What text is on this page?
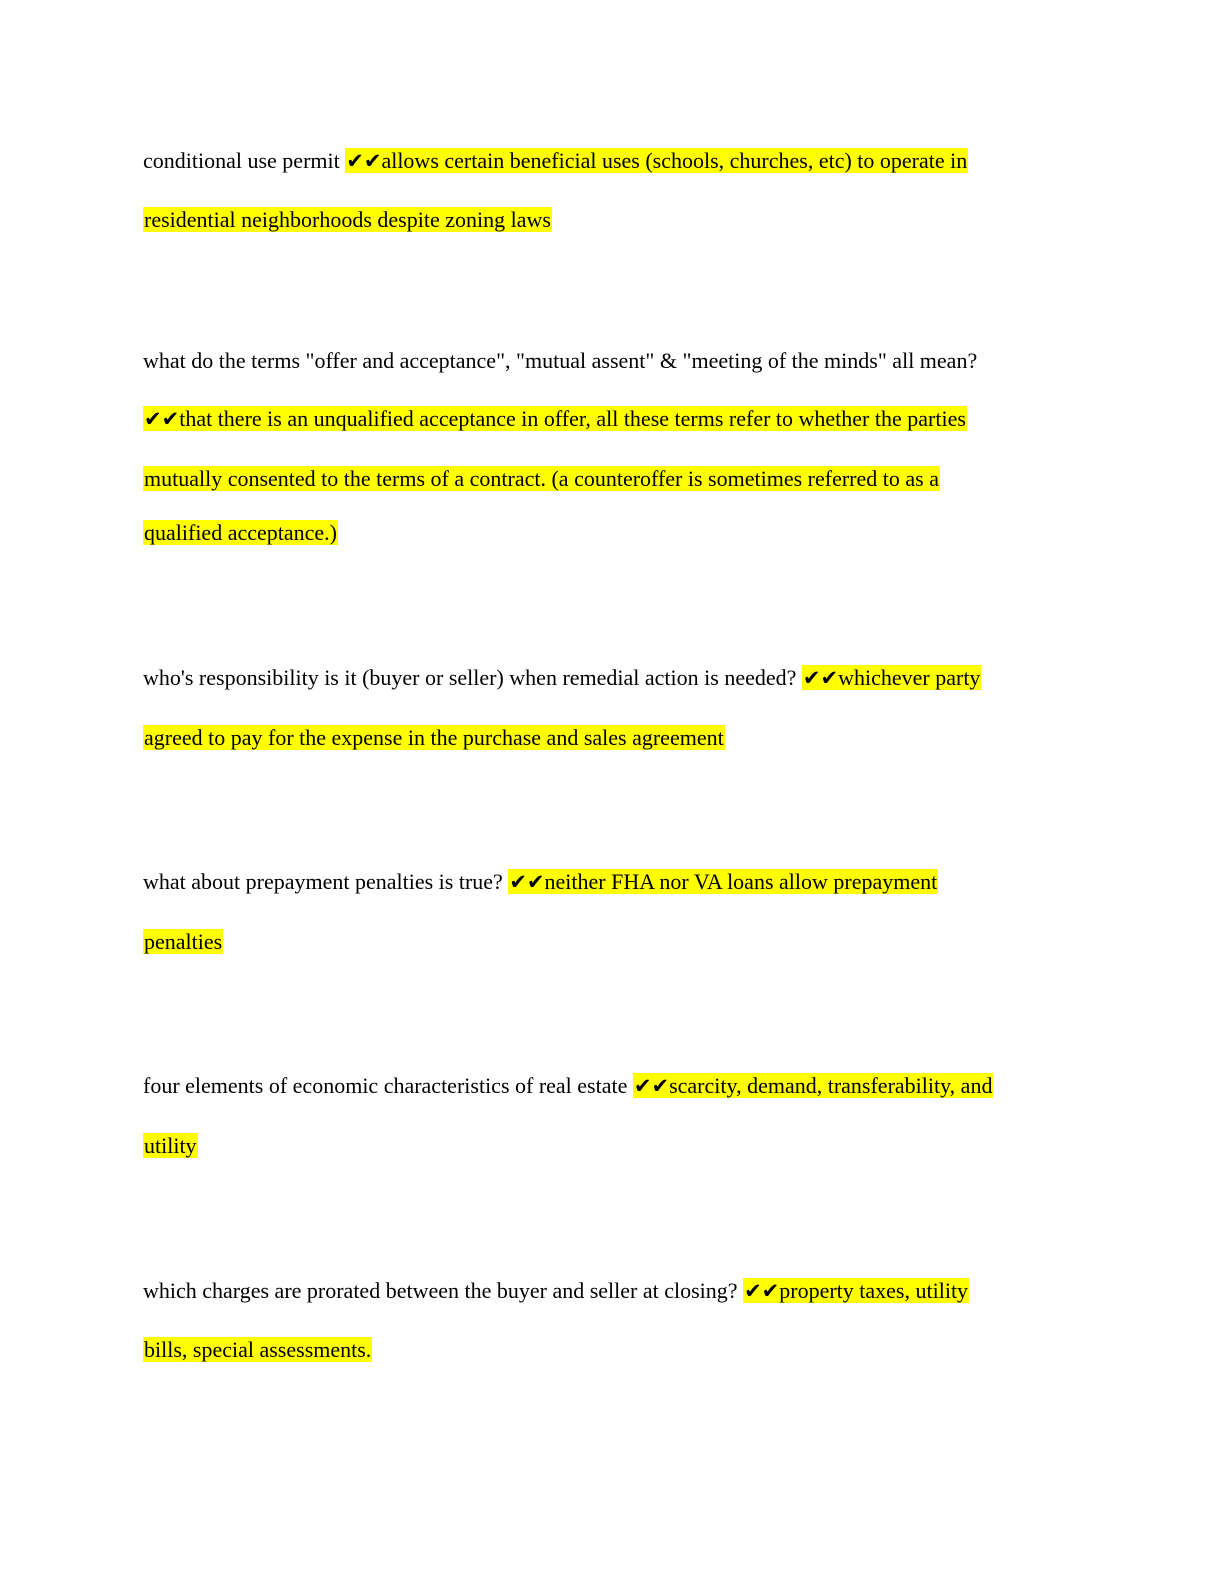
conditional use permit ✔✔allows certain beneficial uses (schools, churches, etc) to operate in
residential neighborhoods despite zoning laws
what do the terms "offer and acceptance", "mutual assent" & "meeting of the minds" all mean?
✔✔that there is an unqualified acceptance in offer, all these terms refer to whether the parties
mutually consented to the terms of a contract. (a counteroffer is sometimes referred to as a
qualified acceptance.)
who's responsibility is it (buyer or seller) when remedial action is needed? ✔✔whichever party
agreed to pay for the expense in the purchase and sales agreement
what about prepayment penalties is true? ✔✔neither FHA nor VA loans allow prepayment
penalties
four elements of economic characteristics of real estate ✔✔scarcity, demand, transferability, and
utility
which charges are prorated between the buyer and seller at closing? ✔✔property taxes, utility
bills, special assessments.
